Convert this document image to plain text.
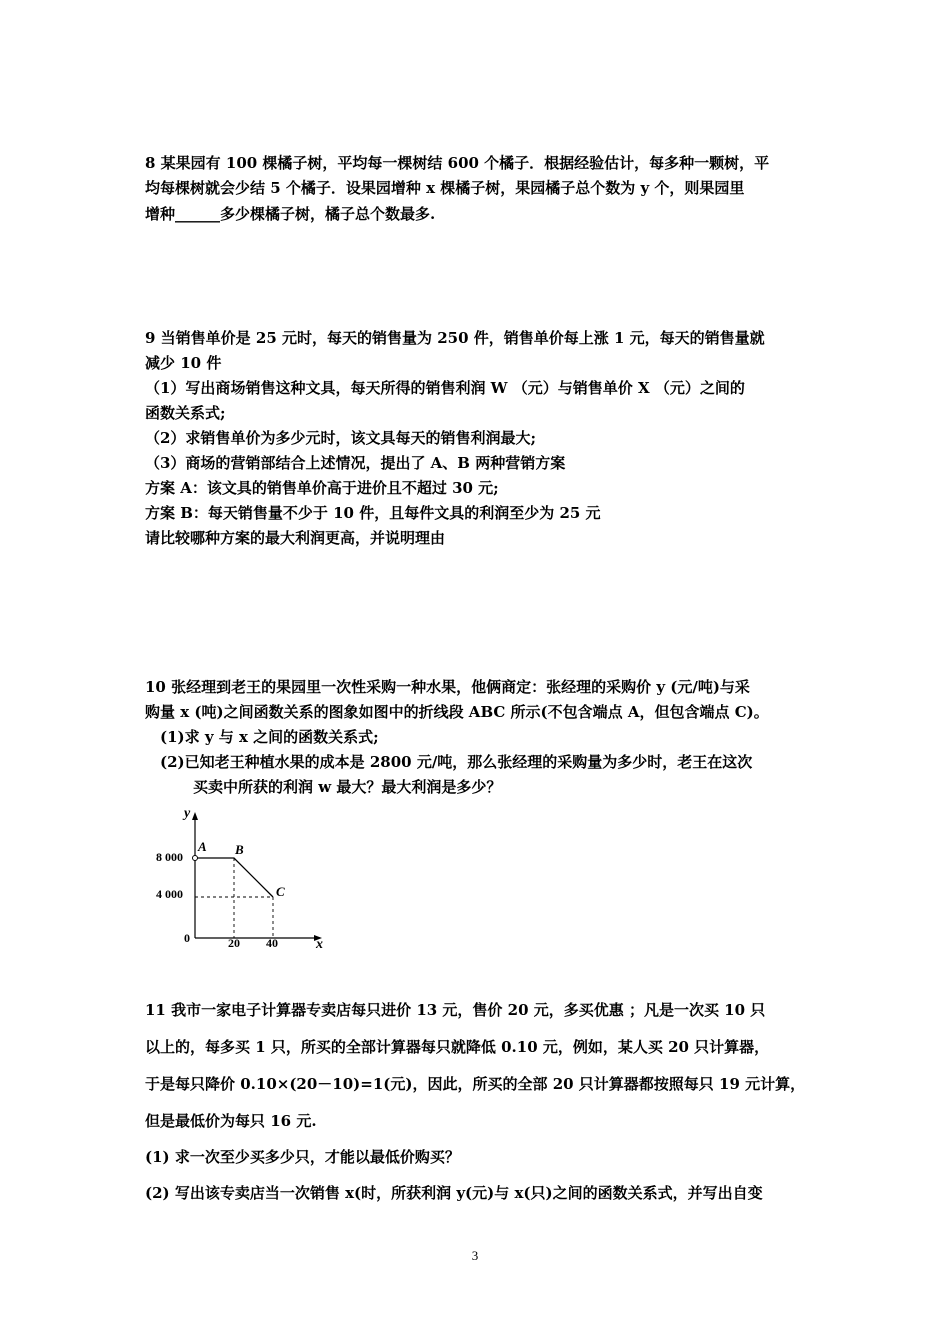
8 某果园有 100 棵橘子树，平均每一棵树结 600 个橘子．根据经验估计，每多种一颗树，平
均每棵树就会少结 5 个橘子．设果园增种 x 棵橘子树，果园橘子总个数为 y 个，则果园里
增种______多少棵橘子树，橘子总个数最多.
9 当销售单价是 25 元时，每天的销售量为 250 件，销售单价每上涨 1 元，每天的销售量就
减少 10 件
（1）写出商场销售这种文具，每天所得的销售利润 W （元）与销售单价 X （元）之间的
函数关系式;
（2）求销售单价为多少元时，该文具每天的销售利润最大;
（3）商场的营销部结合上述情况，提出了 A、B 两种营销方案
方案 A：该文具的销售单价高于进价且不超过 30 元;
方案 B：每天销售量不少于 10 件，且每件文具的利润至少为 25 元
请比较哪种方案的最大利润更高，并说明理由
10 张经理到老王的果园里一次性采购一种水果，他俩商定：张经理的采购价 y (元/吨)与采
购量 x (吨)之间函数关系的图象如图中的折线段 ABC 所示(不包含端点 A，但包含端点 C)。
(1)求 y 与 x 之间的函数关系式;
(2)已知老王种植水果的成本是 2800 元/吨，那么张经理的采购量为多少时，老王在这次
买卖中所获的利润 w 最大？最大利润是多少？
y
x
0
8 000
4 000
20 40
A B
C
11 我市一家电子计算器专卖店每只进价 13 元，售价 20 元，多买优惠 ；凡是一次买 10 只
以上的，每多买 1 只，所买的全部计算器每只就降低 0.10 元，例如，某人买 20 只计算器，
于是每只降价 0.10×(20－10)=1(元)，因此，所买的全部 20 只计算器都按照每只 19 元计算，
但是最低价为每只 16 元.
(1) 求一次至少买多少只，才能以最低价购买？
(2) 写出该专卖店当一次销售 x(时，所获利润 y(元)与 x(只)之间的函数关系式，并写出自变
3
